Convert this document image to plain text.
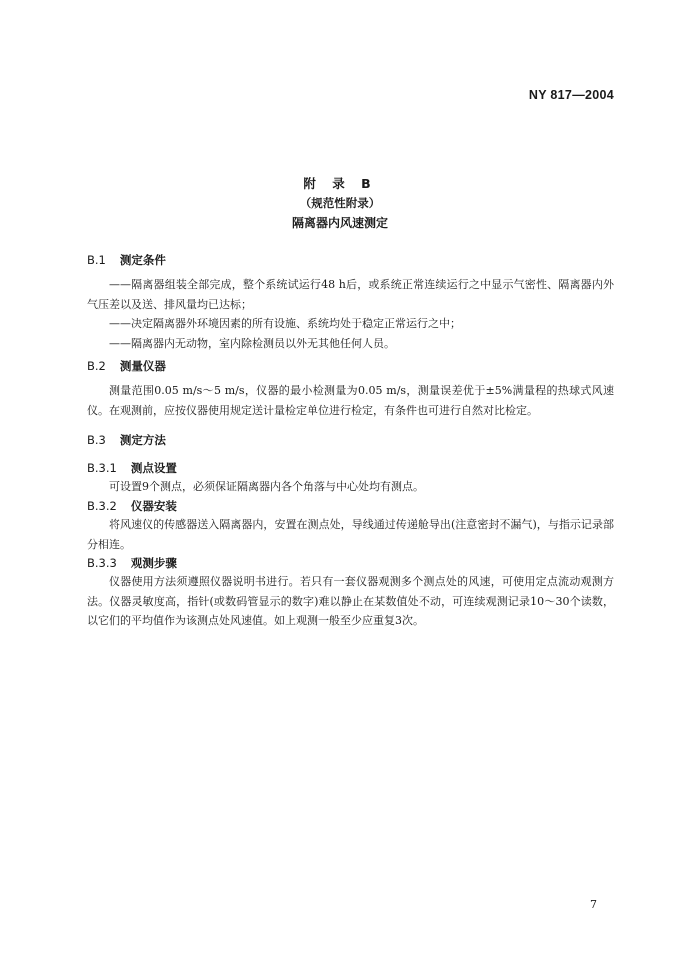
NY 817—2004
附 录 B
（规范性附录）
隔离器内风速测定
B.1 测定条件
——隔离器组装全部完成，整个系统试运行48 h后，或系统正常连续运行之中显示气密性、隔离器内外气压差以及送、排风量均已达标；
——决定隔离器外环境因素的所有设施、系统均处于稳定正常运行之中；
——隔离器内无动物，室内除检测员以外无其他任何人员。
B.2 测量仪器
测量范围0.05 m/s～5 m/s，仪器的最小检测量为0.05 m/s，测量误差优于±5%满量程的热球式风速仪。在观测前，应按仪器使用规定送计量检定单位进行检定，有条件也可进行自然对比检定。
B.3 测定方法
B.3.1 测点设置
可设置9个测点，必须保证隔离器内各个角落与中心处均有测点。
B.3.2 仪器安装
将风速仪的传感器送入隔离器内，安置在测点处，导线通过传递舱导出(注意密封不漏气)，与指示记录部分相连。
B.3.3 观测步骤
仪器使用方法须遵照仪器说明书进行。若只有一套仪器观测多个测点处的风速，可使用定点流动观测方法。仪器灵敏度高，指针(或数码管显示的数字)难以静止在某数值处不动，可连续观测记录10～30个读数，以它们的平均值作为该测点处风速值。如上观测一般至少应重复3次。
7
